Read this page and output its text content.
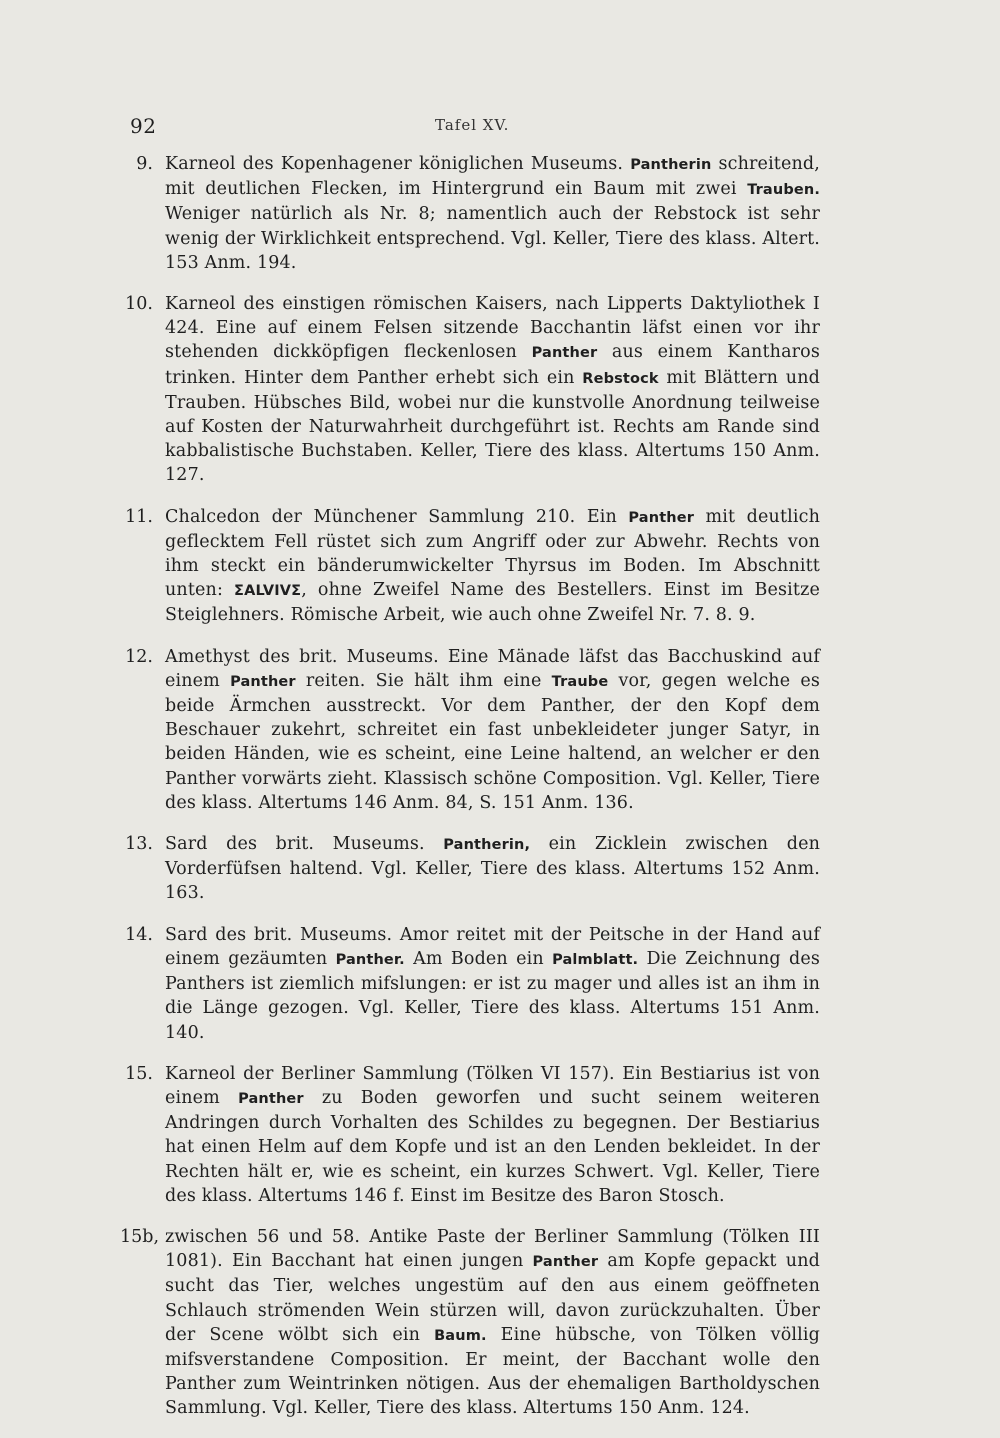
92	Tafel XV.
9. Karneol des Kopenhagener königlichen Museums. Pantherin schreitend, mit deutlichen Flecken, im Hintergrund ein Baum mit zwei Trauben. Weniger natürlich als Nr. 8; namentlich auch der Rebstock ist sehr wenig der Wirklichkeit entsprechend. Vgl. Keller, Tiere des klass. Altert. 153 Anm. 194.

10. Karneol des einstigen römischen Kaisers, nach Lipperts Daktyliothek I 424. Eine auf einem Felsen sitzende Bacchantin läfst einen vor ihr stehenden dickköpfigen fleckenlosen Panther aus einem Kantharos trinken. Hinter dem Panther erhebt sich ein Rebstock mit Blättern und Trauben. Hübsches Bild, wobei nur die kunstvolle Anordnung teilweise auf Kosten der Naturwahrheit durchgeführt ist. Rechts am Rande sind kabbalistische Buchstaben. Keller, Tiere des klass. Altertums 150 Anm. 127.

11. Chalcedon der Münchener Sammlung 210. Ein Panther mit deutlich geflecktem Fell rüstet sich zum Angriff oder zur Abwehr. Rechts von ihm steckt ein bänderumwickelter Thyrsus im Boden. Im Abschnitt unten: ΣALVIVΣ, ohne Zweifel Name des Bestellers. Einst im Besitze Steiglehners. Römische Arbeit, wie auch ohne Zweifel Nr. 7. 8. 9.

12. Amethyst des brit. Museums. Eine Mänade läfst das Bacchuskind auf einem Panther reiten. Sie hält ihm eine Traube vor, gegen welche es beide Ärmchen ausstreckt. Vor dem Panther, der den Kopf dem Beschauer zukehrt, schreitet ein fast unbekleideter junger Satyr, in beiden Händen, wie es scheint, eine Leine haltend, an welcher er den Panther vorwärts zieht. Klassisch schöne Composition. Vgl. Keller, Tiere des klass. Altertums 146 Anm. 84, S. 151 Anm. 136.

13. Sard des brit. Museums. Pantherin, ein Zicklein zwischen den Vorderfüfsen haltend. Vgl. Keller, Tiere des klass. Altertums 152 Anm. 163.

14. Sard des brit. Museums. Amor reitet mit der Peitsche in der Hand auf einem gezäumten Panther. Am Boden ein Palmblatt. Die Zeichnung des Panthers ist ziemlich mifslungen: er ist zu mager und alles ist an ihm in die Länge gezogen. Vgl. Keller, Tiere des klass. Altertums 151 Anm. 140.

15. Karneol der Berliner Sammlung (Tölken VI 157). Ein Bestiarius ist von einem Panther zu Boden geworfen und sucht seinem weiteren Andringen durch Vorhalten des Schildes zu begegnen. Der Bestiarius hat einen Helm auf dem Kopfe und ist an den Lenden bekleidet. In der Rechten hält er, wie es scheint, ein kurzes Schwert. Vgl. Keller, Tiere des klass. Altertums 146 f. Einst im Besitze des Baron Stosch.

15b, zwischen 56 und 58. Antike Paste der Berliner Sammlung (Tölken III 1081). Ein Bacchant hat einen jungen Panther am Kopfe gepackt und sucht das Tier, welches ungestüm auf den aus einem geöffneten Schlauch strömenden Wein stürzen will, davon zurückzuhalten. Über der Scene wölbt sich ein Baum. Eine hübsche, von Tölken völlig mifsverstandene Composition. Er meint, der Bacchant wolle den Panther zum Weintrinken nötigen. Aus der ehemaligen Bartholdyschen Sammlung. Vgl. Keller, Tiere des klass. Altertums 150 Anm. 124.
